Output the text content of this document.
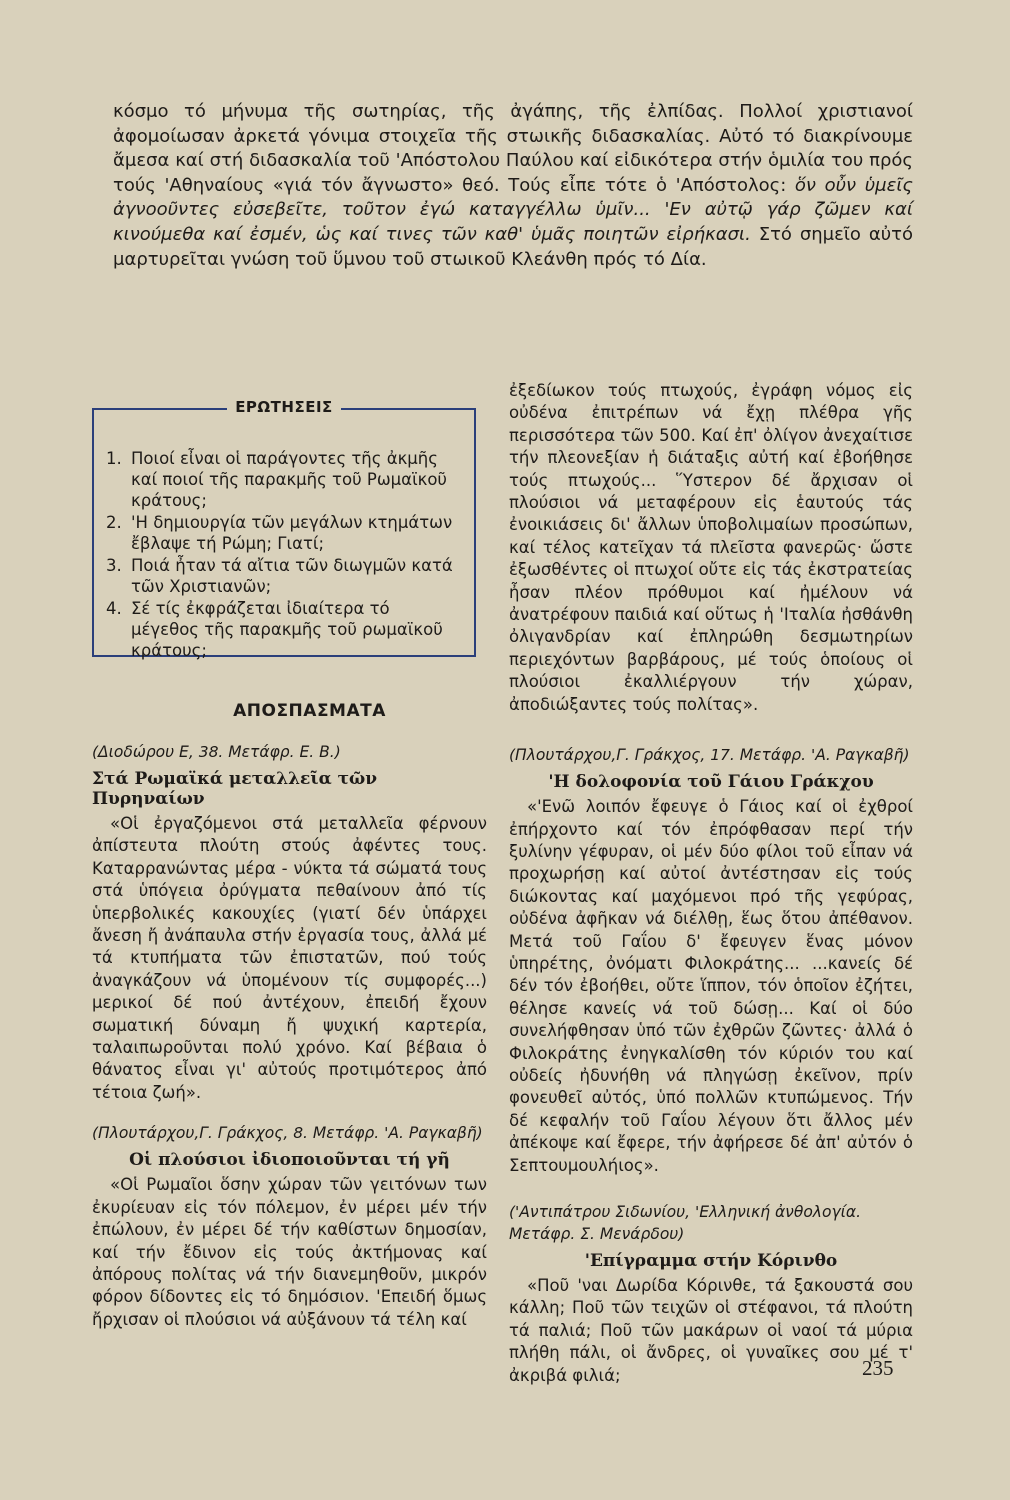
κόσμο τό μήνυμα τῆς σωτηρίας, τῆς ἀγάπης, τῆς ἐλπίδας. Πολλοί χριστιανοί ἀφομοίωσαν ἀρκετά γόνιμα στοιχεῖα τῆς στωικῆς διδασκαλίας. Αὐτό τό διακρίνουμε ἄμεσα καί στή διδασκαλία τοῦ 'Απόστολου Παύλου καί εἰδικότερα στήν ὁμιλία του πρός τούς 'Αθηναίους «γιά τόν ἄγνωστο» θεό. Τούς εἶπε τότε ὁ 'Απόστολος: ὅν οὖν ὑμεῖς ἀγνοοῦντες εὐσεβεῖτε, τοῦτον ἐγώ καταγγέλλω ὑμῖν... 'Εν αὐτῷ γάρ ζῶμεν καί κινούμεθα καί ἐσμέν, ὡς καί τινες τῶν καθ' ὑμᾶς ποιητῶν εἰρήκασι. Στό σημεῖο αὐτό μαρτυρεῖται γνώση τοῦ ὕμνου τοῦ στωικοῦ Κλεάνθη πρός τό Δία.
ΕΡΩΤΗΣΕΙΣ
1. Ποιοί εἶναι οἱ παράγοντες τῆς ἀκμῆς καί ποιοί τῆς παρακμῆς τοῦ Ρωμαϊκοῦ κράτους;
2. 'Η δημιουργία τῶν μεγάλων κτημάτων ἔβλαψε τή Ρώμη; Γιατί;
3. Ποιά ἦταν τά αἴτια τῶν διωγμῶν κατά τῶν Χριστιανῶν;
4. Σέ τίς ἐκφράζεται ἰδιαίτερα τό μέγεθος τῆς παρακμῆς τοῦ ρωμαϊκοῦ κράτους;
ΑΠΟΣΠΑΣΜΑΤΑ
(Διοδώρου Ε, 38. Μετάφρ. Ε. Β.)
Στά Ρωμαϊκά μεταλλεῖα τῶν Πυρηναίων
«Οἱ ἐργαζόμενοι στά μεταλλεῖα φέρνουν ἀπίστευτα πλούτη στούς ἀφέντες τους. Καταρρανώντας μέρα - νύκτα τά σώματά τους στά ὑπόγεια ὀρύγματα πεθαίνουν ἀπό τίς ὑπερβολικές κακουχίες (γιατί δέν ὑπάρχει ἄνεση ἤ ἀνάπαυλα στήν ἐργασία τους, ἀλλά μέ τά κτυπήματα τῶν ἐπιστατῶν, πού τούς ἀναγκάζουν νά ὑπομένουν τίς συμφορές...) μερικοί δέ πού ἀντέχουν, ἐπειδή ἔχουν σωματική δύναμη ἤ ψυχική καρτερία, ταλαιπωροῦνται πολύ χρόνο. Καί βέβαια ὁ θάνατος εἶναι γι' αὐτούς προτιμότερος ἀπό τέτοια ζωή».
(Πλουτάρχου,Γ. Γράκχος, 8. Μετάφρ. 'Α. Ραγκαβῆ)
Οἱ πλούσιοι ἰδιοποιοῦνται τή γῆ
«Οἱ Ρωμαῖοι ὅσην χώραν τῶν γειτόνων των ἐκυρίευαν εἰς τόν πόλεμον, ἐν μέρει μέν τήν ἐπώλουν, ἐν μέρει δέ τήν καθίστων δημοσίαν, καί τήν ἔδινον εἰς τούς ἀκτήμονας καί ἀπόρους πολίτας νά τήν διανεμηθοῦν, μικρόν φόρον δίδοντες εἰς τό δημόσιον. 'Επειδή ὅμως ἤρχισαν οἱ πλούσιοι νά αὐξάνουν τά τέλη καί
ἐξεδίωκον τούς πτωχούς, ἐγράφη νόμος εἰς οὐδένα ἐπιτρέπων νά ἔχῃ πλέθρα γῆς περισσότερα τῶν 500. Καί ἐπ' ὀλίγον ἀνεχαίτισε τήν πλεονεξίαν ἡ διάταξις αὐτή καί ἐβοήθησε τούς πτωχούς... Ὕστερον δέ ἄρχισαν οἱ πλούσιοι νά μεταφέρουν εἰς ἑαυτούς τάς ἐνοικιάσεις δι' ἄλλων ὑποβολιμαίων προσώπων, καί τέλος κατεῖχαν τά πλεῖστα φανερῶς· ὥστε ἐξωσθέντες οἱ πτωχοί οὔτε εἰς τάς ἐκστρατείας ἦσαν πλέον πρόθυμοι καί ἠμέλουν νά ἀνατρέφουν παιδιά καί οὕτως ἡ 'Ιταλία ἠσθάνθη ὀλιγανδρίαν καί ἐπληρώθη δεσμωτηρίων περιεχόντων βαρβάρους, μέ τούς ὁποίους οἱ πλούσιοι ἐκαλλιέργουν τήν χώραν, ἀποδιώξαντες τούς πολίτας».
(Πλουτάρχου,Γ. Γράκχος, 17. Μετάφρ. 'Α. Ραγκαβῆ)
'Η δολοφονία τοῦ Γάιου Γράκχου
«'Ενῶ λοιπόν ἔφευγε ὁ Γάιος καί οἱ ἐχθροί ἐπήρχοντο καί τόν ἐπρόφθασαν περί τήν ξυλίνην γέφυραν, οἱ μέν δύο φίλοι τοῦ εἶπαν νά προχωρήσῃ καί αὐτοί ἀντέστησαν εἰς τούς διώκοντας καί μαχόμενοι πρό τῆς γεφύρας, οὐδένα ἀφῆκαν νά διέλθῃ, ἕως ὅτου ἀπέθανον. Μετά τοῦ Γαΐου δ' ἔφευγεν ἕνας μόνον ὑπηρέτης, ὀνόματι Φιλοκράτης... ...κανείς δέ δέν τόν ἐβοήθει, οὔτε ἵππον, τόν ὁποῖον ἐζήτει, θέλησε κανείς νά τοῦ δώσῃ... Καί οἱ δύο συνελήφθησαν ὑπό τῶν ἐχθρῶν ζῶντες· ἀλλά ὁ Φιλοκράτης ἐνηγκαλίσθη τόν κύριόν του καί οὐδείς ἠδυνήθη νά πληγώσῃ ἐκεῖνον, πρίν φονευθεῖ αὐτός, ὑπό πολλῶν κτυπώμενος. Τήν δέ κεφαλήν τοῦ Γαΐου λέγουν ὅτι ἄλλος μέν ἀπέκοψε καί ἔφερε, τήν ἀφήρεσε δέ ἀπ' αὐτόν ὁ Σεπτουμουλήιος».
('Αντιπάτρου Σιδωνίου, 'Ελληνική ἀνθολογία. Μετάφρ. Σ. Μενάρδου)
'Επίγραμμα στήν Κόρινθο
«Ποῦ 'ναι Δωρίδα Κόρινθε, τά ξακουστά σου κάλλη; Ποῦ τῶν τειχῶν οἱ στέφανοι, τά πλούτη τά παλιά; Ποῦ τῶν μακάρων οἱ ναοί τά μύρια πλήθη πάλι, οἱ ἄνδρες, οἱ γυναῖκες σου μέ τ' ἀκριβά φιλιά;	235
